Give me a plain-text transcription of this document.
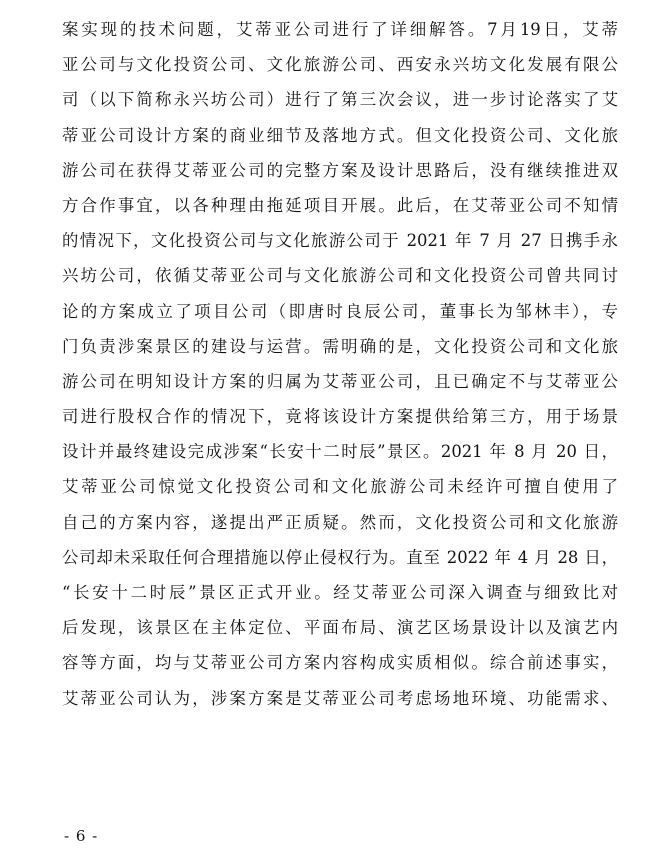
案实现的技术问题，艾蒂亚公司进行了详细解答。7月19日，艾蒂
亚公司与文化投资公司、文化旅游公司、西安永兴坊文化发展有限公
司（以下简称永兴坊公司）进行了第三次会议，进一步讨论落实了艾
蒂亚公司设计方案的商业细节及落地方式。但文化投资公司、文化旅
游公司在获得艾蒂亚公司的完整方案及设计思路后，没有继续推进双
方合作事宜，以各种理由拖延项目开展。此后，在艾蒂亚公司不知情
的情况下，文化投资公司与文化旅游公司于 2021 年 7 月 27 日携手永
兴坊公司，依循艾蒂亚公司与文化旅游公司和文化投资公司曾共同讨
论的方案成立了项目公司（即唐时良辰公司，董事长为邹林丰），专
门负责涉案景区的建设与运营。需明确的是，文化投资公司和文化旅
游公司在明知设计方案的归属为艾蒂亚公司，且已确定不与艾蒂亚公
司进行股权合作的情况下，竟将该设计方案提供给第三方，用于场景
设计并最终建设完成涉案“长安十二时辰”景区。2021 年 8 月 20 日，
艾蒂亚公司惊觉文化投资公司和文化旅游公司未经许可擅自使用了
自己的方案内容，遂提出严正质疑。然而，文化投资公司和文化旅游
公司却未采取任何合理措施以停止侵权行为。直至 2022 年 4 月 28 日，
“长安十二时辰”景区正式开业。经艾蒂亚公司深入调查与细致比对
后发现，该景区在主体定位、平面布局、演艺区场景设计以及演艺内
容等方面，均与艾蒂亚公司方案内容构成实质相似。综合前述事实，
艾蒂亚公司认为，涉案方案是艾蒂亚公司考虑场地环境、功能需求、
- 6 -
